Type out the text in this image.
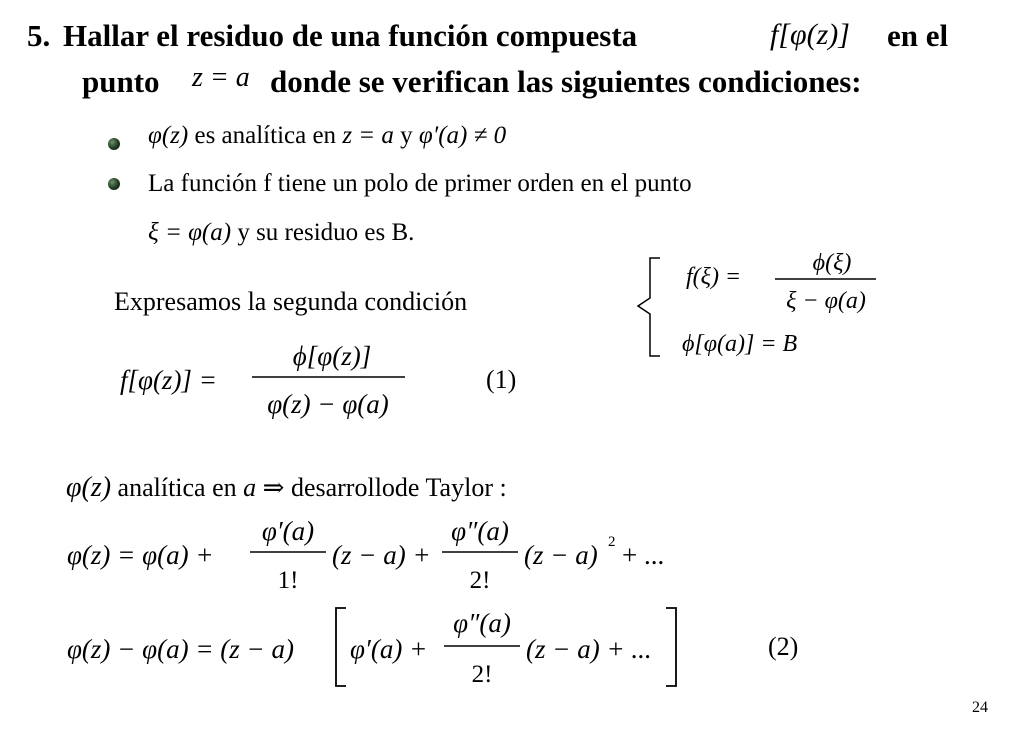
5. Hallar el residuo de una función compuesta	f[φ(z)] en el
punto z = a donde se verifican las siguientes condiciones:
φ(z) es analítica en z = a y φ′(a) ≠ 0
La función f tiene un polo de primer orden en el punto
ξ = φ(a) y su residuo es B.
f(ξ) =
ϕ(ξ)
ξ − φ(a)
ϕ[φ(a)] = B
Expresamos la segunda condición
f[φ(z)] =
ϕ[φ(z)]
φ(z) − φ(a)
(1)
φ(z) analítica en a ⇒ desarrollode Taylor :
φ(z) = φ(a) +
φ′(a)
1!
(z − a) +
φ″(a)
2!
(z − a) 2 + ...
φ(z) − φ(a) = (z − a) φ′(a) +
φ″(a)
2!
(z − a) + ...	(2)
24
